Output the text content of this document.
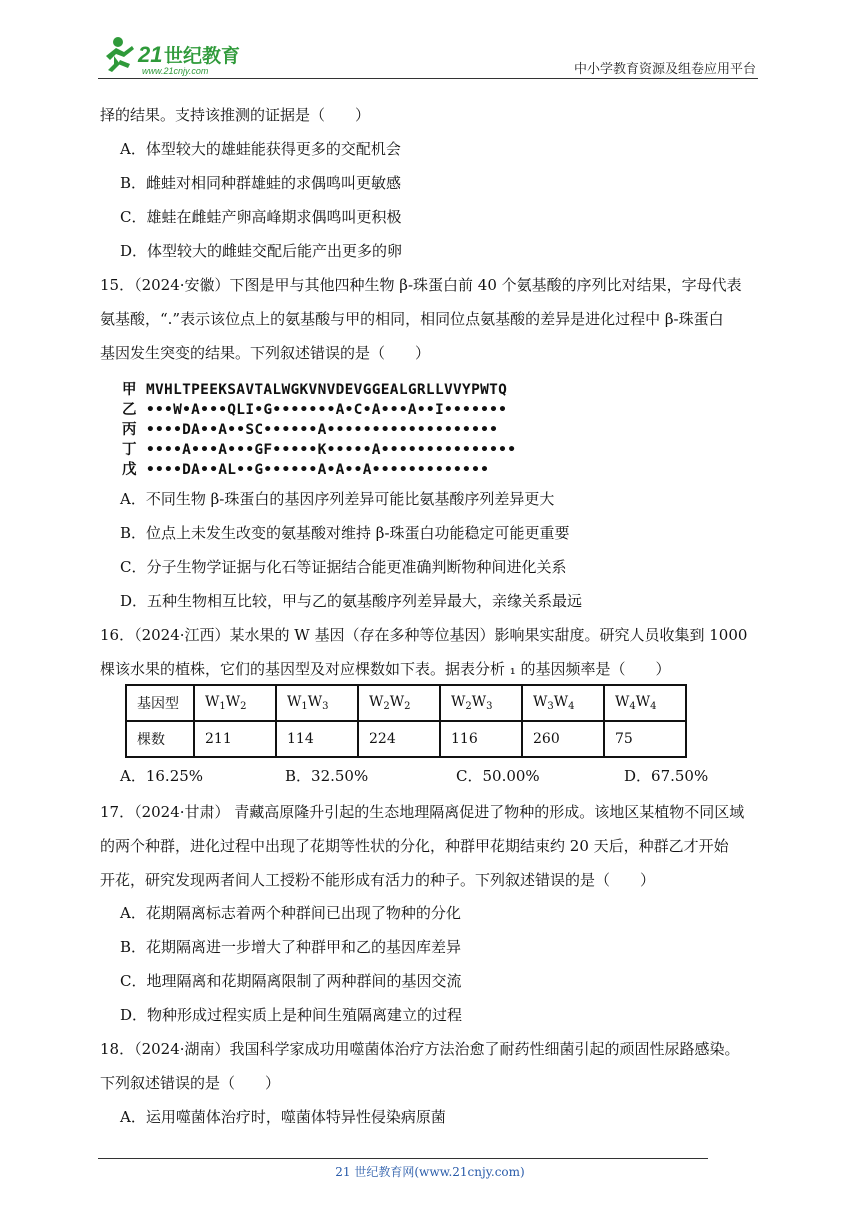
21 世纪教育
www.21cnjy.com	中小学教育资源及组卷应用平台
择的结果。支持该推测的证据是（　　）
A．体型较大的雄蛙能获得更多的交配机会
B．雌蛙对相同种群雄蛙的求偶鸣叫更敏感
C．雄蛙在雌蛙产卵高峰期求偶鸣叫更积极
D．体型较大的雌蛙交配后能产出更多的卵
15．（2024·安徽）下图是甲与其他四种生物 β-珠蛋白前 40 个氨基酸的序列比对结果，字母代表
氨基酸，“.”表示该位点上的氨基酸与甲的相同，相同位点氨基酸的差异是进化过程中 β-珠蛋白
基因发生突变的结果。下列叙述错误的是（　　）
甲 MVHLTPEEKSAVTALWGKVNVDEVGGEALGRLLVVYPWTQ
乙 •••W•A•••QLI•G•••••••A•C•A•••A••I•••••••
丙 ••••DA••A••SC••••••A•••••••••••••••••••
丁 ••••A•••A•••GF•••••K•••••A•••••••••••••••
戊 ••••DA••AL••G••••••A•A••A•••••••••••••
A．不同生物 β-珠蛋白的基因序列差异可能比氨基酸序列差异更大
B．位点上未发生改变的氨基酸对维持 β-珠蛋白功能稳定可能更重要
C．分子生物学证据与化石等证据结合能更准确判断物种间进化关系
D．五种生物相互比较，甲与乙的氨基酸序列差异最大，亲缘关系最远
16．（2024·江西）某水果的 W 基因（存在多种等位基因）影响果实甜度。研究人员收集到 1000
棵该水果的植株，它们的基因型及对应棵数如下表。据表分析 ₁ 的基因频率是（　　）
基因型	$W_1W_2$	$W_1W_3$	$W_2W_2$	$W_2W_3$	$W_3W_4$	$W_4W_4$
棵数	211	114	224	116	260	75
A．16.25%	B．32.50%	C．50.00%	D．67.50%
17．（2024·甘肃） 青藏高原隆升引起的生态地理隔离促进了物种的形成。该地区某植物不同区域
的两个种群，进化过程中出现了花期等性状的分化，种群甲花期结束约 20 天后，种群乙才开始
开花，研究发现两者间人工授粉不能形成有活力的种子。下列叙述错误的是（　　）
A．花期隔离标志着两个种群间已出现了物种的分化
B．花期隔离进一步增大了种群甲和乙的基因库差异
C．地理隔离和花期隔离限制了两种群间的基因交流
D．物种形成过程实质上是种间生殖隔离建立的过程
18．（2024·湖南）我国科学家成功用噬菌体治疗方法治愈了耐药性细菌引起的顽固性尿路感染。
下列叙述错误的是（　　）
A．运用噬菌体治疗时，噬菌体特异性侵染病原菌
21 世纪教育网(www.21cnjy.com)
